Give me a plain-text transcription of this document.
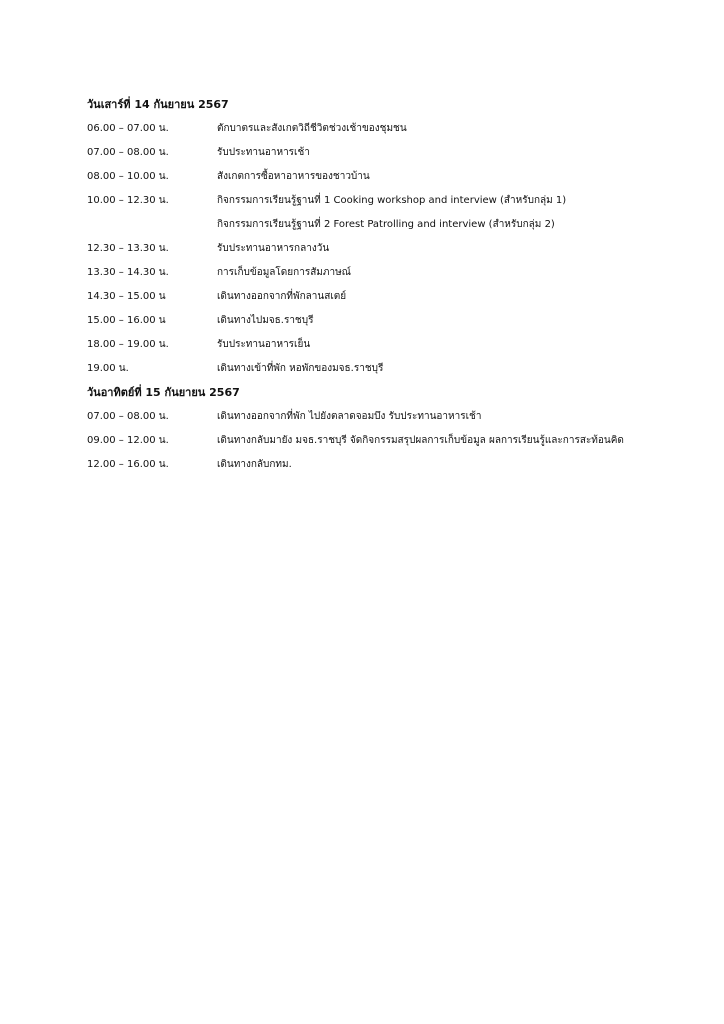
วันเสาร์ที่ 14 กันยายน 2567
06.00 – 07.00 น.	ตักบาตรและสังเกตวิถีชีวิตช่วงเช้าของชุมชน
07.00 – 08.00 น.	รับประทานอาหารเช้า
08.00 – 10.00 น.	สังเกตการซื้อหาอาหารของชาวบ้าน
10.00 – 12.30 น.	กิจกรรมการเรียนรู้ฐานที่ 1 Cooking workshop and interview (สำหรับกลุ่ม 1)
กิจกรรมการเรียนรู้ฐานที่ 2 Forest Patrolling and interview (สำหรับกลุ่ม 2)
12.30 – 13.30 น.	รับประทานอาหารกลางวัน
13.30 – 14.30 น.	การเก็บข้อมูลโดยการสัมภาษณ์
14.30 – 15.00 น	เดินทางออกจากที่พักลานสเตย์
15.00 – 16.00 น	เดินทางไปมจธ.ราชบุรี
18.00 – 19.00 น.	รับประทานอาหารเย็น
19.00 น.	เดินทางเข้าที่พัก หอพักของมจธ.ราชบุรี
วันอาทิตย์ที่ 15 กันยายน 2567
07.00 – 08.00 น.	เดินทางออกจากที่พัก ไปยังตลาดจอมบึง รับประทานอาหารเช้า
09.00 – 12.00 น.	เดินทางกลับมายัง มจธ.ราชบุรี จัดกิจกรรมสรุปผลการเก็บข้อมูล ผลการเรียนรู้และการสะท้อนคิด
12.00 – 16.00 น.	เดินทางกลับกทม.
